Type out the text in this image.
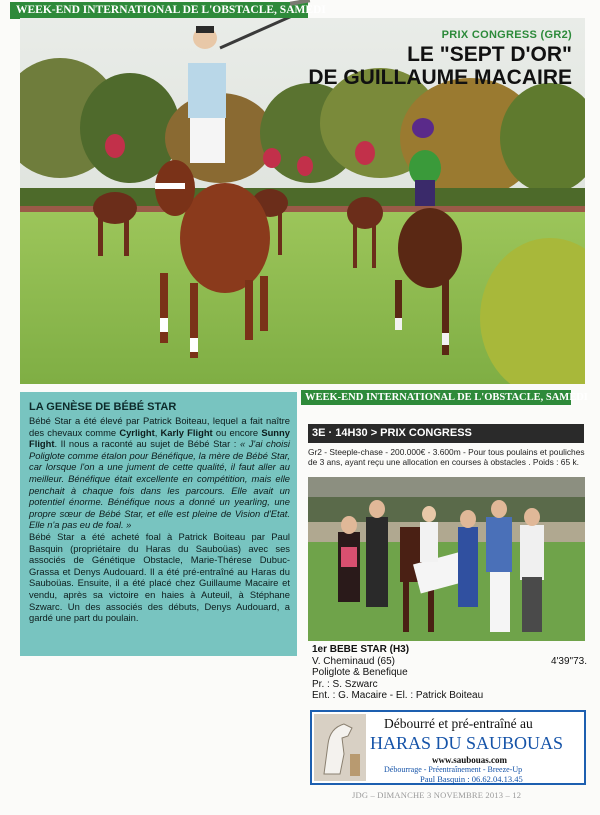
WEEK-END INTERNATIONAL DE L'OBSTACLE, SAMEDI
PRIX CONGRESS (GR2)
LE "SEPT D'OR"
DE GUILLAUME MACAIRE
LA GENÈSE DE BÉBÉ STAR

Bébé Star a été élevé par Patrick Boiteau, lequel a fait naître des chevaux comme Cyrlight, Karly Flight ou encore Sunny Flight. Il nous a raconté au sujet de Bébé Star : « J'ai choisi Poliglote comme étalon pour Bénéfique, la mère de Bébé Star, car lorsque l'on a une jument de cette qualité, il faut aller au meilleur. Bénéfique était excellente en compétition, mais elle penchait à chaque fois dans les parcours. Elle avait un potentiel énorme. Bénéfique nous a donné un yearling, une propre sœur de Bébé Star, et elle est pleine de Vision d'Etat. Elle n'a pas eu de foal. »

Bébé Star a été acheté foal à Patrick Boiteau par Paul Basquin (propriétaire du Haras du Sauboüas) avec ses associés de Génétique Obstacle, Marie-Thérese Dubuc-Grassa et Denys Audouard. Il a été pré-entraîné au Haras du Sauboüas. Ensuite, il a été placé chez Guillaume Macaire et vendu, après sa victoire en haies à Auteuil, à Stéphane Szwarc. Un des associés des débuts, Denys Audouard, a gardé une part du poulain.

WEEK-END INTERNATIONAL DE L'OBSTACLE, SAMEDI
3E · 14H30 > PRIX CONGRESS
Gr2 - Steeple-chase - 200.000€ - 3.600m - Pour tous poulains et pouliches de 3 ans, ayant reçu une allocation en courses à obstacles . Poids : 65 k.
1er BEBE STAR (H3)
V. Cheminaud (65)	4'39"73.
Poliglote & Benefique
Pr. : S. Szwarc
Ent. : G. Macaire - El. : Patrick Boiteau
Débourré et pré-entraîné au
HARAS DU SAUBOUAS
www.saubouas.com
Débourrage - Préentraînement - Breeze-Up
Paul Basquin : 06.62.04.13.45
JDG – DIMANCHE 3 NOVEMBRE 2013 – 12
